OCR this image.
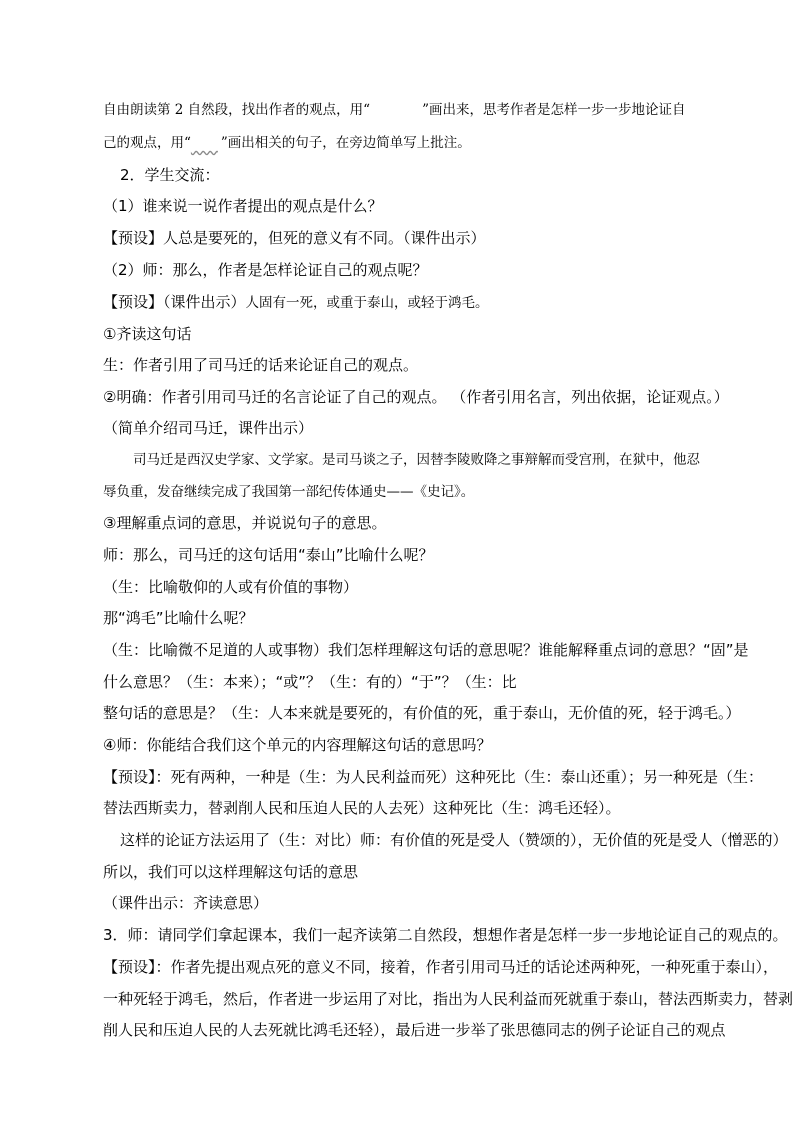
自由朗读第 2 自然段，找出作者的观点，用“	”画出来，思考作者是怎样一步一步地论证自
己的观点，用“ ”画出相关的句子，在旁边简单写上批注。
2．学生交流：
（1）谁来说一说作者提出的观点是什么？
【预设】人总是要死的，但死的意义有不同。（课件出示）
（2）师：那么，作者是怎样论证自己的观点呢？
【预设】（课件出示）人固有一死，或重于泰山，或轻于鸿毛。
①齐读这句话
生：作者引用了司马迁的话来论证自己的观点。
②明确：作者引用司马迁的名言论证了自己的观点。 （作者引用名言，列出依据，论证观点。）
（简单介绍司马迁，课件出示）
司马迁是西汉史学家、文学家。是司马谈之子，因替李陵败降之事辩解而受宫刑，在狱中，他忍
辱负重，发奋继续完成了我国第一部纪传体通史——《史记》。
③理解重点词的意思，并说说句子的意思。
师：那么，司马迁的这句话用“泰山”比喻什么呢？
（生：比喻敬仰的人或有价值的事物）
那“鸿毛”比喻什么呢？
（生：比喻微不足道的人或事物）我们怎样理解这句话的意思呢？谁能解释重点词的意思？“固”是
什么意思？（生：本来）；“或”？（生：有的）“于”？（生：比
整句话的意思是？（生：人本来就是要死的，有价值的死，重于泰山，无价值的死，轻于鸿毛。）
④师：你能结合我们这个单元的内容理解这句话的意思吗？
【预设】：死有两种，一种是（生：为人民利益而死）这种死比（生：泰山还重）；另一种死是（生：
替法西斯卖力，替剥削人民和压迫人民的人去死）这种死比（生：鸿毛还轻）。
这样的论证方法运用了（生：对比）师：有价值的死是受人（赞颂的），无价值的死是受人（憎恶的）
所以，我们可以这样理解这句话的意思
（课件出示：齐读意思）
3．师：请同学们拿起课本，我们一起齐读第二自然段，想想作者是怎样一步一步地论证自己的观点的。
【预设】：作者先提出观点死的意义不同，接着，作者引用司马迁的话论述两种死，一种死重于泰山），
一种死轻于鸿毛，然后，作者进一步运用了对比，指出为人民利益而死就重于泰山，替法西斯卖力，替剥
削人民和压迫人民的人去死就比鸿毛还轻），最后进一步举了张思德同志的例子论证自己的观点
